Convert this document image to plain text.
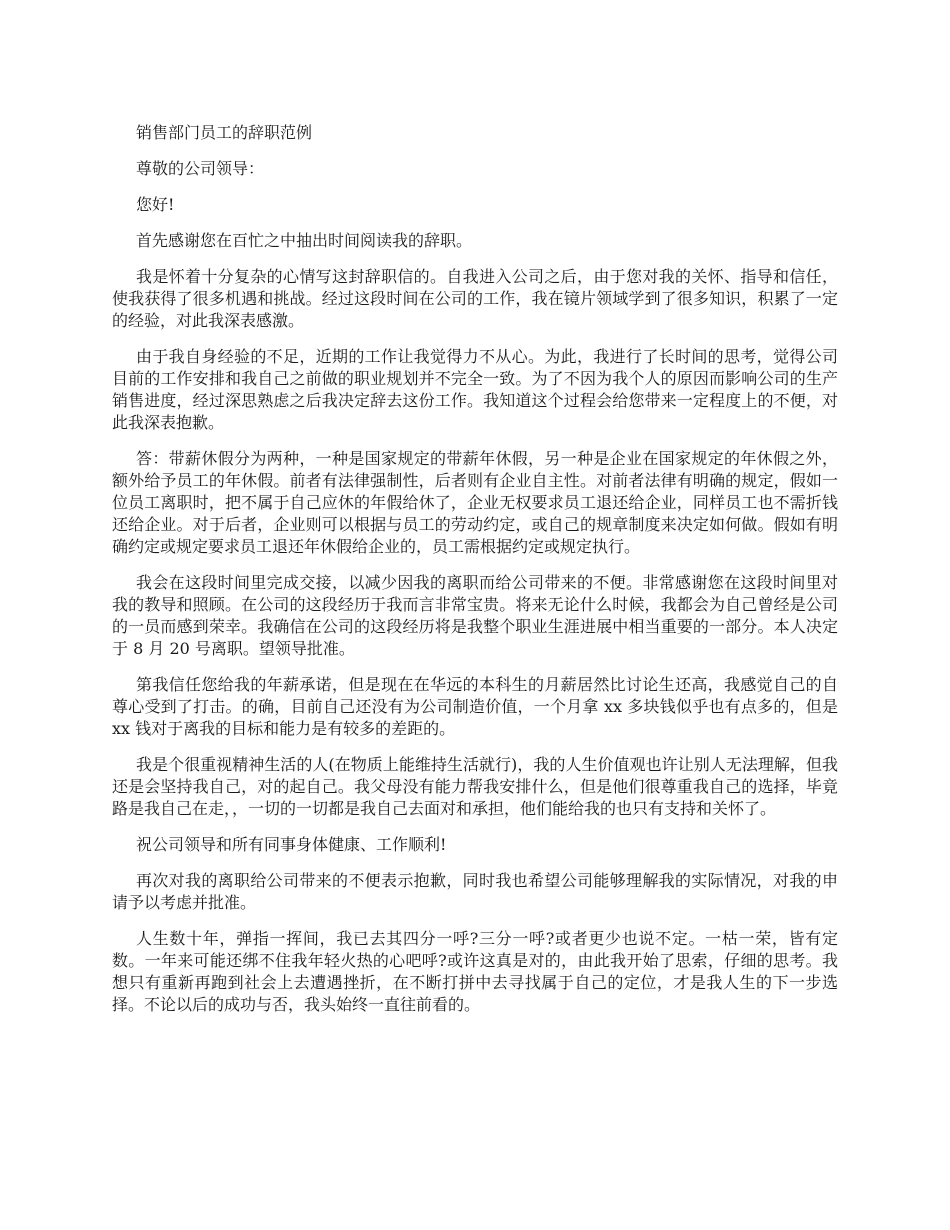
销售部门员工的辞职范例

尊敬的公司领导：

您好!

首先感谢您在百忙之中抽出时间阅读我的辞职。

我是怀着十分复杂的心情写这封辞职信的。自我进入公司之后，由于您对我的关怀、指导和信任，使我获得了很多机遇和挑战。经过这段时间在公司的工作，我在镜片领域学到了很多知识，积累了一定的经验，对此我深表感激。

由于我自身经验的不足，近期的工作让我觉得力不从心。为此，我进行了长时间的思考，觉得公司目前的工作安排和我自己之前做的职业规划并不完全一致。为了不因为我个人的原因而影响公司的生产销售进度，经过深思熟虑之后我决定辞去这份工作。我知道这个过程会给您带来一定程度上的不便，对此我深表抱歉。

答：带薪休假分为两种，一种是国家规定的带薪年休假，另一种是企业在国家规定的年休假之外，额外给予员工的年休假。前者有法律强制性，后者则有企业自主性。对前者法律有明确的规定，假如一位员工离职时，把不属于自己应休的年假给休了，企业无权要求员工退还给企业，同样员工也不需折钱还给企业。对于后者，企业则可以根据与员工的劳动约定，或自己的规章制度来决定如何做。假如有明确约定或规定要求员工退还年休假给企业的，员工需根据约定或规定执行。

我会在这段时间里完成交接，以减少因我的离职而给公司带来的不便。非常感谢您在这段时间里对我的教导和照顾。在公司的这段经历于我而言非常宝贵。将来无论什么时候，我都会为自己曾经是公司的一员而感到荣幸。我确信在公司的这段经历将是我整个职业生涯进展中相当重要的一部分。本人决定于 8 月 20 号离职。望领导批准。

第我信任您给我的年薪承诺，但是现在在华远的本科生的月薪居然比讨论生还高，我感觉自己的自尊心受到了打击。的确，目前自己还没有为公司制造价值，一个月拿 xx 多块钱似乎也有点多的，但是 xx 钱对于离我的目标和能力是有较多的差距的。

我是个很重视精神生活的人(在物质上能维持生活就行)，我的人生价值观也许让别人无法理解，但我还是会坚持我自己，对的起自己。我父母没有能力帮我安排什么，但是他们很尊重我自己的选择，毕竟路是我自己在走，，一切的一切都是我自己去面对和承担，他们能给我的也只有支持和关怀了。

祝公司领导和所有同事身体健康、工作顺利!

再次对我的离职给公司带来的不便表示抱歉，同时我也希望公司能够理解我的实际情况，对我的申请予以考虑并批准。

人生数十年，弹指一挥间，我已去其四分一呼?三分一呼?或者更少也说不定。一枯一荣，皆有定数。一年来可能还绑不住我年轻火热的心吧呼?或许这真是对的，由此我开始了思索，仔细的思考。我想只有重新再跑到社会上去遭遇挫折，在不断打拼中去寻找属于自己的定位，才是我人生的下一步选择。不论以后的成功与否，我头始终一直往前看的。
